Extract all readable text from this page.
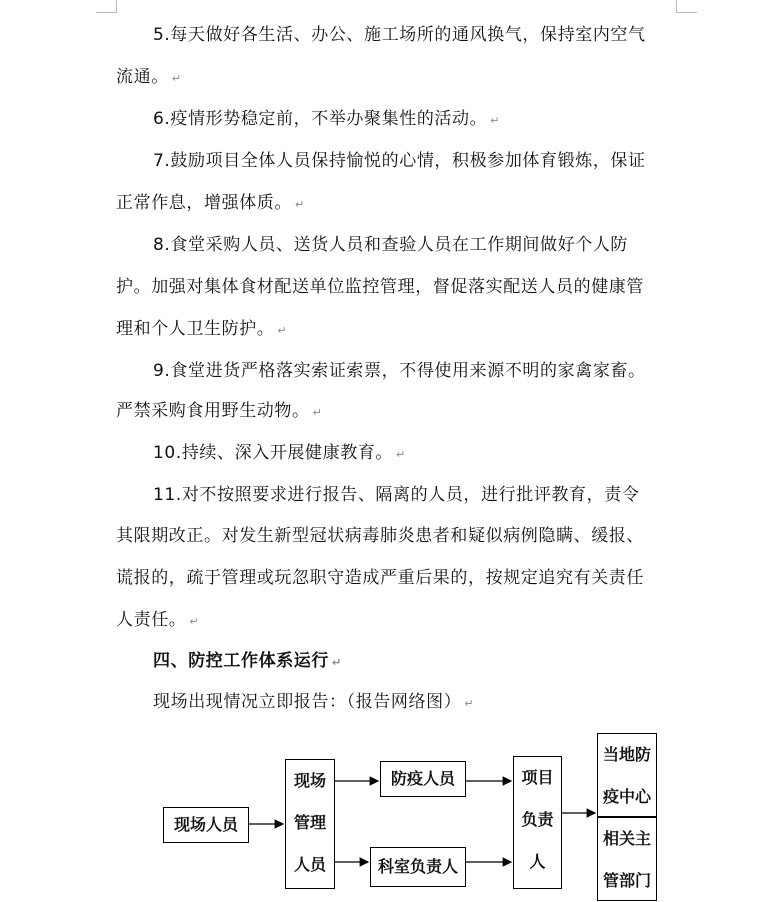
5.每天做好各生活、办公、施工场所的通风换气，保持室内空气
流通。 ↵
6.疫情形势稳定前，不举办聚集性的活动。 ↵
7.鼓励项目全体人员保持愉悦的心情，积极参加体育锻炼，保证
正常作息，增强体质。 ↵
8.食堂采购人员、送货人员和查验人员在工作期间做好个人防
护。加强对集体食材配送单位监控管理，督促落实配送人员的健康管
理和个人卫生防护。 ↵
9.食堂进货严格落实索证索票，不得使用来源不明的家禽家畜。
严禁采购食用野生动物。 ↵
10.持续、深入开展健康教育。 ↵
11.对不按照要求进行报告、隔离的人员，进行批评教育，责令
其限期改正。对发生新型冠状病毒肺炎患者和疑似病例隐瞒、缓报、
谎报的，疏于管理或玩忽职守造成严重后果的，按规定追究有关责任
人责任。 ↵
四、防控工作体系运行 ↵
现场出现情况立即报告：（报告网络图） ↵
现场人员
现场
管理
人员
防疫人员
科室负责人
项目
负责
人
当地防
疫中心
相关主
管部门
